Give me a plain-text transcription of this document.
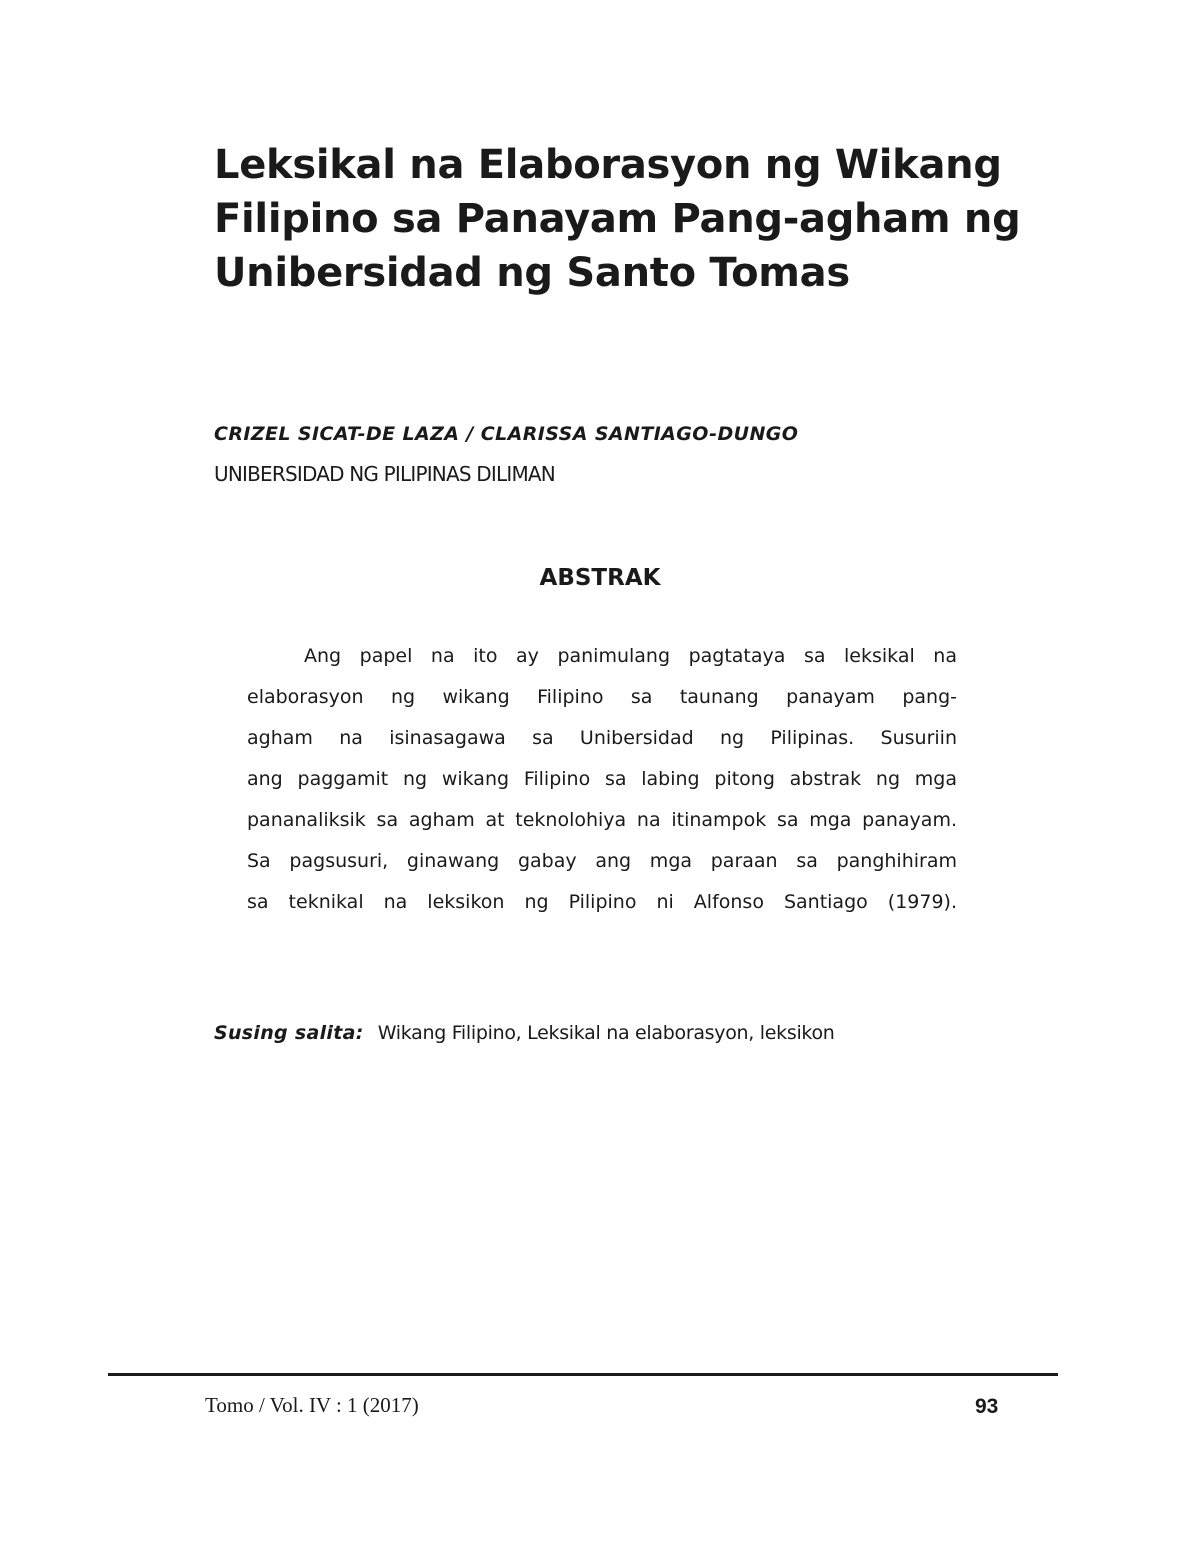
Leksikal na Elaborasyon ng Wikang
Filipino sa Panayam Pang-agham ng
Unibersidad ng Santo Tomas
CRIZEL SICAT-DE LAZA / CLARISSA SANTIAGO-DUNGO
UNIBERSIDAD NG PILIPINAS DILIMAN
ABSTRAK
Ang papel na ito ay panimulang pagtataya sa leksikal na
elaborasyon ng wikang Filipino sa taunang panayam pang-
agham na isinasagawa sa Unibersidad ng Pilipinas. Susuriin
ang paggamit ng wikang Filipino sa labing pitong abstrak ng mga
pananaliksik sa agham at teknolohiya na itinampok sa mga panayam.
Sa pagsusuri, ginawang gabay ang mga paraan sa panghihiram
sa teknikal na leksikon ng Pilipino ni Alfonso Santiago (1979).
Susing salita: Wikang Filipino, Leksikal na elaborasyon, leksikon
Tomo / Vol. IV : 1 (2017)	93
